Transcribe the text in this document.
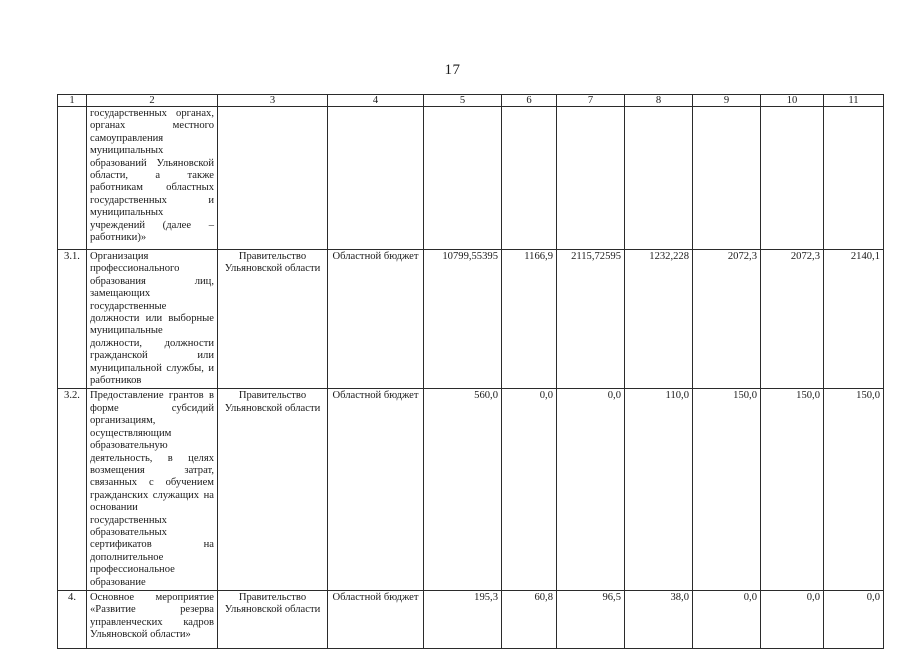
17
1	2	3	4	5	6	7	8	9	10	11
	государственных органах, органах местного самоуправления муниципальных образований Ульяновской области, а также работникам областных государственных и муниципальных учреждений (далее – работники)»									
3.1.	Организация профессионального образования лиц, замещающих государственные должности или выборные муниципальные должности, должности гражданской или муниципальной службы, и работников	Правительство Ульяновской области	Областной бюджет	10799,55395	1166,9	2115,72595	1232,228	2072,3	2072,3	2140,1
3.2.	Предоставление грантов в форме субсидий организациям, осуществляющим образовательную деятельность, в целях возмещения затрат, связанных с обучением гражданских служащих на основании государственных образовательных сертификатов на дополнительное профессиональное образование	Правительство Ульяновской области	Областной бюджет	560,0	0,0	0,0	110,0	150,0	150,0	150,0
4.	Основное мероприятие «Развитие резерва управленческих кадров Ульяновской области»	Правительство Ульяновской области	Областной бюджет	195,3	60,8	96,5	38,0	0,0	0,0	0,0
